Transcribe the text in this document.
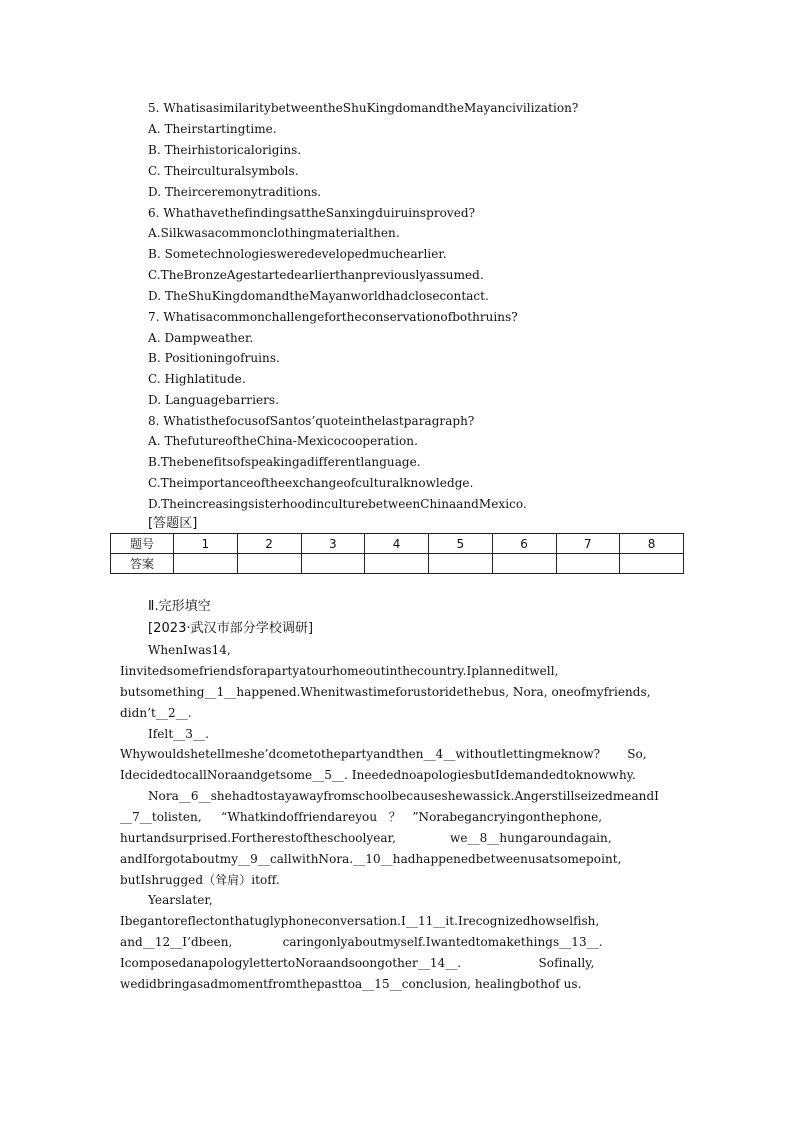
5. WhatisasimilaritybetweentheShuKingdomandtheMayancivilization?
A. Theirstartingtime.
B. Theirhistoricalorigins.
C. Theirculturalsymbols.
D. Theirceremonytraditions.
6. WhathavethefindingsattheSanxingduiruinsproved?
A.Silkwasacommonclothingmaterialthen.
B. Sometechnologiesweredevelopedmuchearlier.
C.TheBronzeAgestartedearlierthanpreviouslyassumed.
D. TheShuKingdomandtheMayanworldhadclosecontact.
7. Whatisacommonchallengefortheconservationofbothruins?
A. Dampweather.
B. Positioningofruins.
C. Highlatitude.
D. Languagebarriers.
8. WhatisthefocusofSantos’quoteinthelastparagraph?
A. ThefutureoftheChina-Mexicocooperation.
B.Thebenefitsofspeakingadifferentlanguage.
C.Theimportanceoftheexchangeofculturalknowledge.
D.TheincreasingsisterhoodinculturebetweenChinaandMexico.
[答题区]
题号	1	2	3	4	5	6	7	8
答案								
Ⅱ.完形填空
[2023·武汉市部分学校调研]
WhenIwas14,
Iinvitedsomefriendsforapartyatourhomeoutinthecountry.Iplanneditwell,
butsomething__1__happened.Whenitwastimeforustoridethebus, Nora, oneofmyfriends,
didn’t__2__.
Ifelt__3__.
Whywouldshetellmeshe’dcometothepartyandthen__4__withoutlettingmeknow?       So,
IdecidedtocallNoraandgetsome__5__. IneedednoapologiesbutIdemandedtoknowwhy.
Nora__6__shehadtostayawayfromschoolbecauseshewassick.AngerstillseizedmeandI
__7__tolisten,     “Whatkindoffriendareyou   ？   ”Norabegancryingonthephone,
hurtandsurprised.Fortherestoftheschoolyear,              we__8__hungaroundagain,
andIforgotaboutmy__9__callwithNora.__10__hadhappenedbetweenusatsomepoint,
butIshrugged（耸肩）itoff.
Yearslater,
Ibegantoreflectonthatuglyphoneconversation.I__11__it.Irecognizedhowselfish,
and__12__I’dbeen,             caringonlyaboutmyself.Iwantedtomakethings__13__.
IcomposedanapologylettertoNoraandsoongother__14__.                    Sofinally,
wedidbringasadmomentfromthepasttoa__15__conclusion, healingbothof us.
